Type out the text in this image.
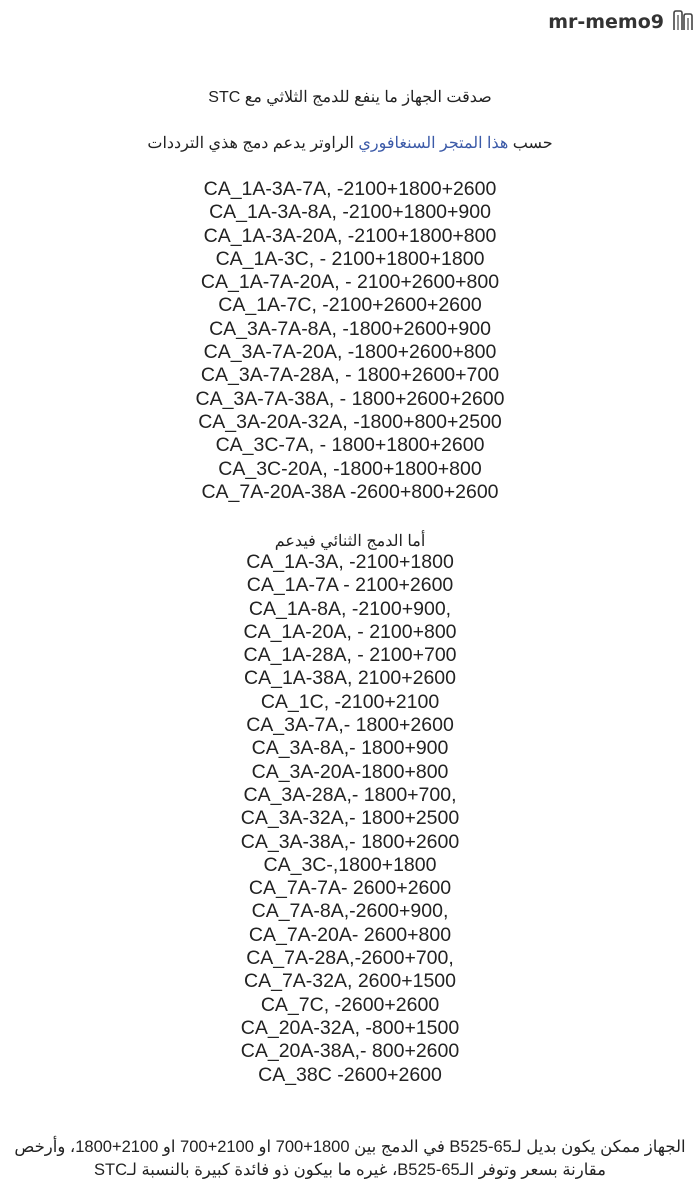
mr-memo9
صدقت الجهاز ما ينفع للدمج الثلاثي مع STC
حسب هذا المتجر السنغافوري الراوتر يدعم دمج هذي الترددات
CA_1A-3A-7A, -2100+1800+2600
CA_1A-3A-8A, -2100+1800+900
CA_1A-3A-20A, -2100+1800+800
CA_1A-3C, - 2100+1800+1800
CA_1A-7A-20A, - 2100+2600+800
CA_1A-7C, -2100+2600+2600
CA_3A-7A-8A, -1800+2600+900
CA_3A-7A-20A, -1800+2600+800
CA_3A-7A-28A, - 1800+2600+700
CA_3A-7A-38A, - 1800+2600+2600
CA_3A-20A-32A, -1800+800+2500
CA_3C-7A, - 1800+1800+2600
CA_3C-20A, -1800+1800+800
CA_7A-20A-38A -2600+800+2600
أما الدمج الثنائي فيدعم
CA_1A-3A, -2100+1800
CA_1A-7A - 2100+2600
CA_1A-8A, -2100+900,
CA_1A-20A, - 2100+800
CA_1A-28A, - 2100+700
CA_1A-38A, 2100+2600
CA_1C, -2100+2100
CA_3A-7A,- 1800+2600
CA_3A-8A,- 1800+900
CA_3A-20A-1800+800
CA_3A-28A,- 1800+700,
CA_3A-32A,- 1800+2500
CA_3A-38A,- 1800+2600
CA_3C-,1800+1800
CA_7A-7A- 2600+2600
CA_7A-8A,-2600+900,
CA_7A-20A- 2600+800
CA_7A-28A,-2600+700,
CA_7A-32A, 2600+1500
CA_7C, -2600+2600
CA_20A-32A, -800+1500
CA_20A-38A,- 800+2600
CA_38C -2600+2600
الجهاز ممكن يكون بديل لـB525-65 في الدمج بين 1800+700 او 2100+700 او 2100+1800، وأرخص مقارنة بسعر وتوفر الـB525-65، غيره ما بيكون ذو فائدة كبيرة بالنسبة لـSTC
